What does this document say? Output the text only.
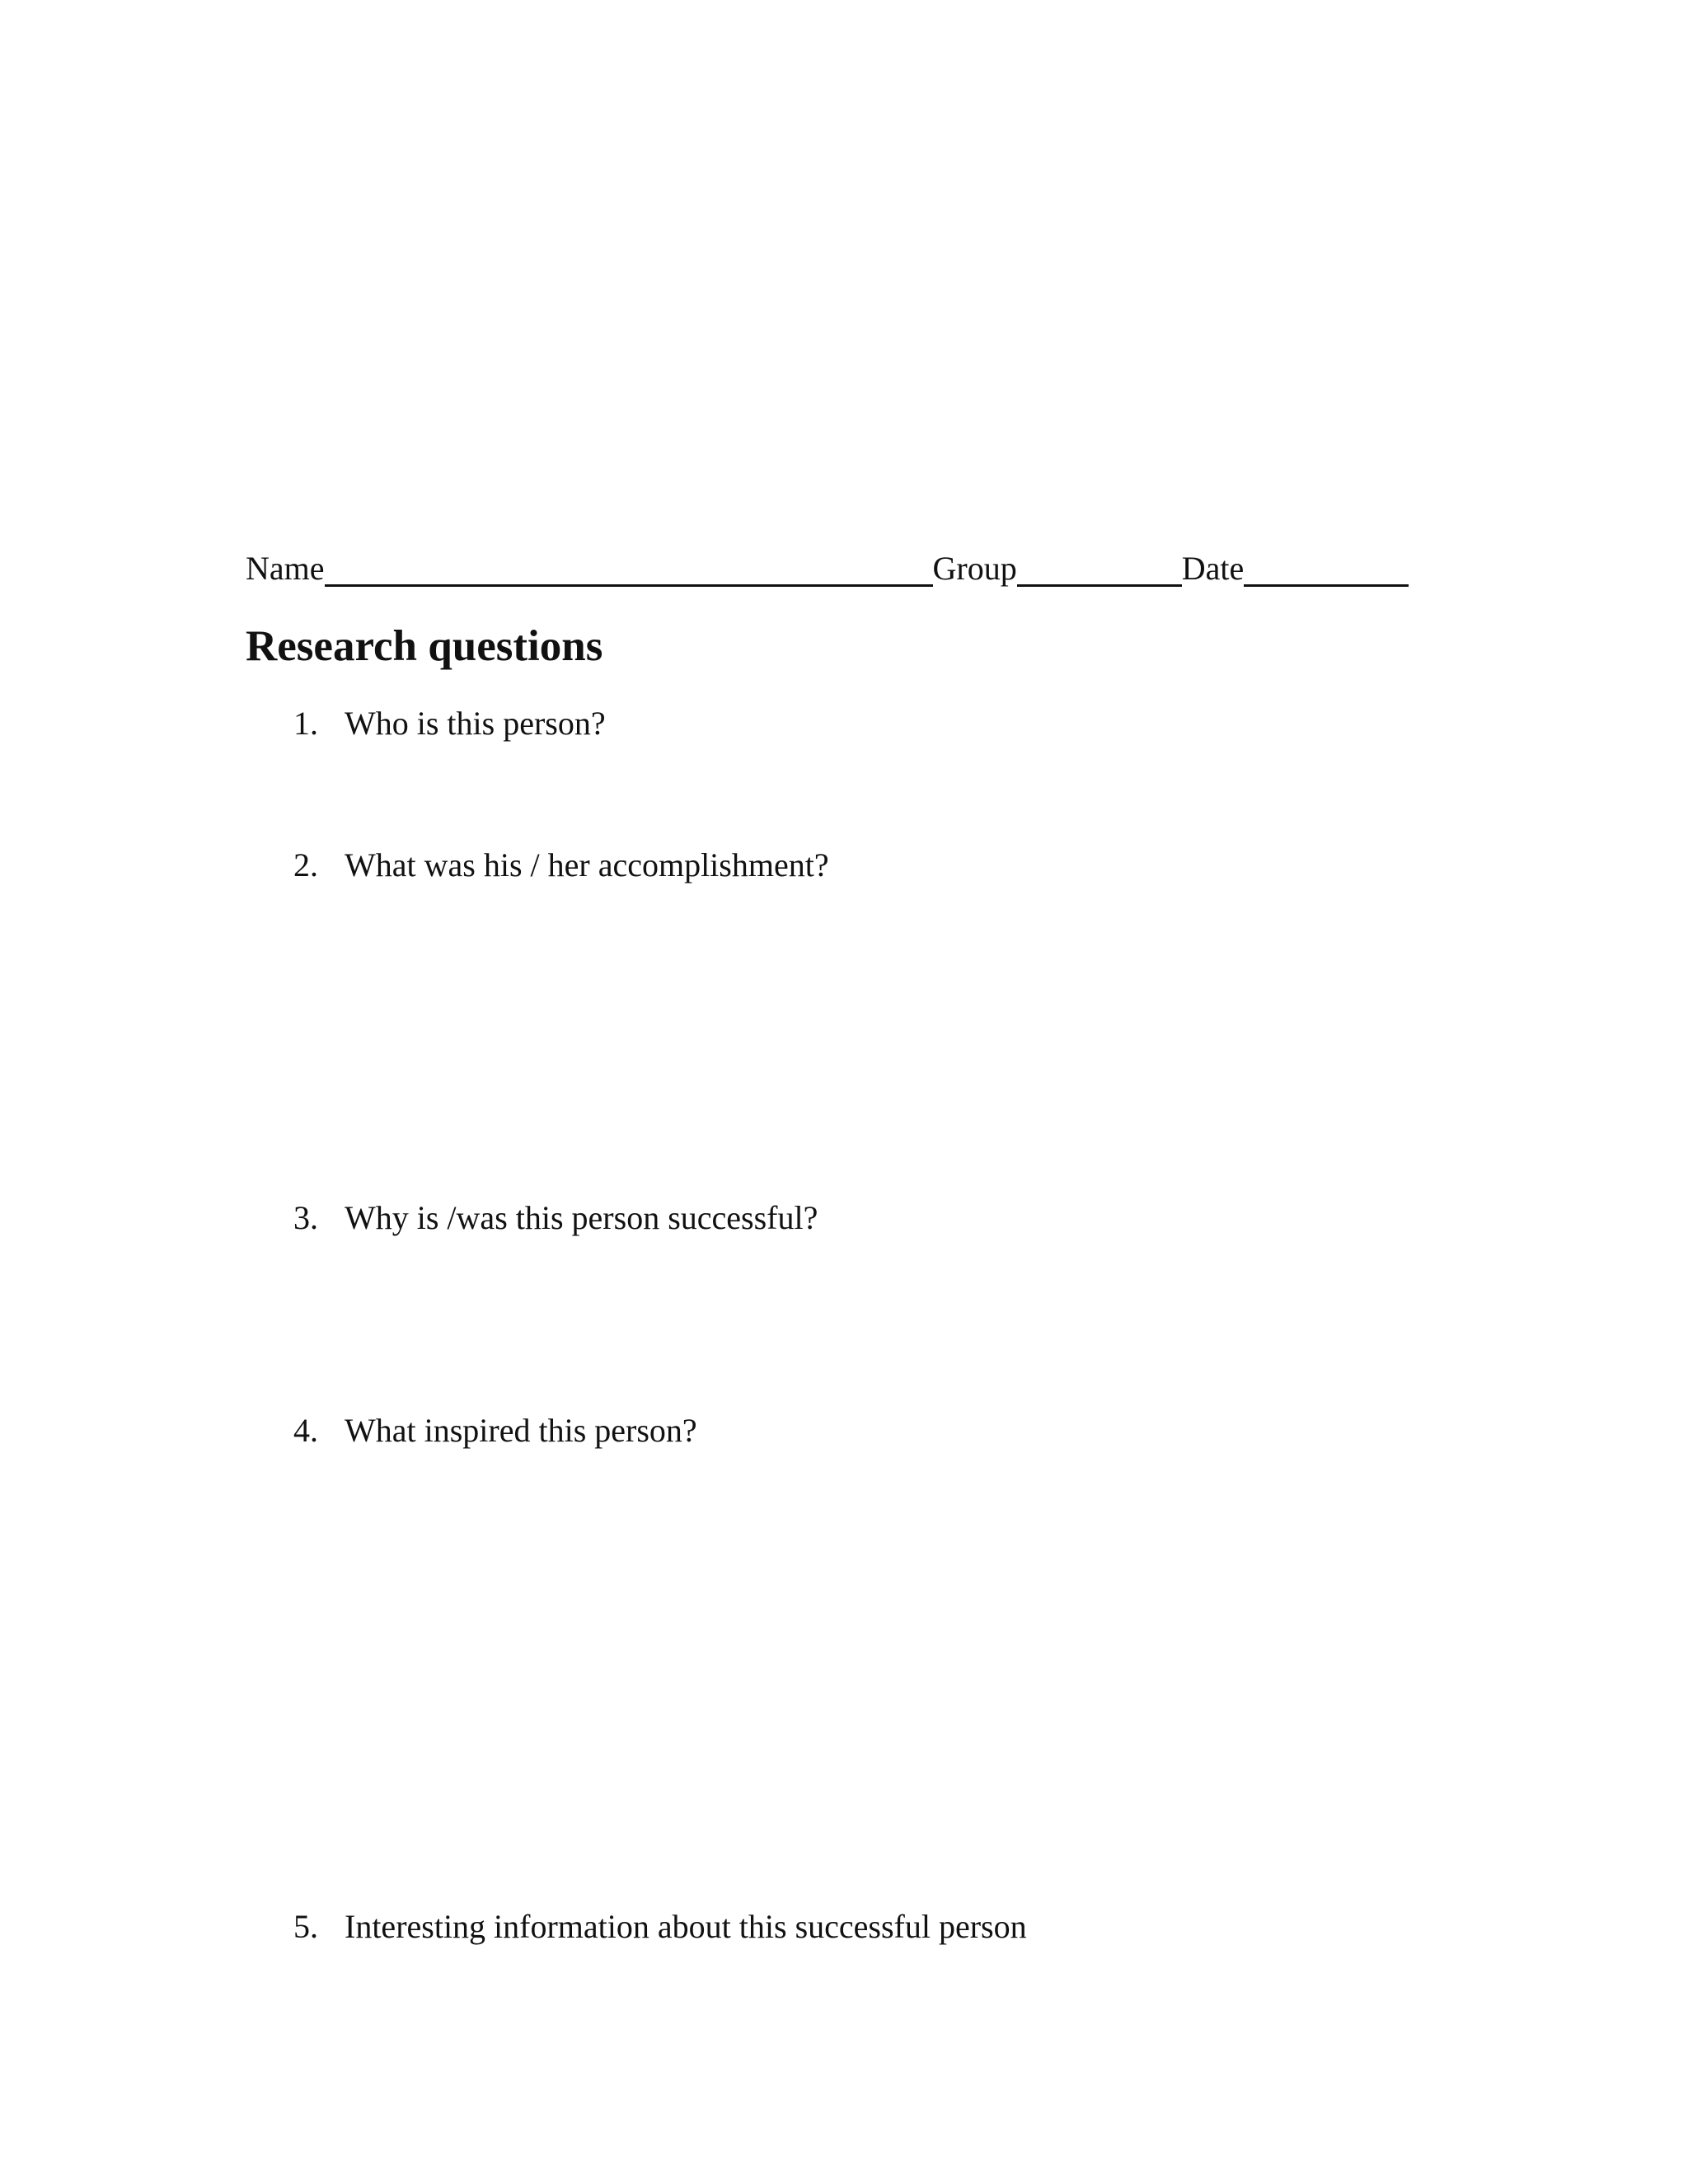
Name	Group	Date
Research questions
1. Who is this person?
2. What was his / her accomplishment?
3. Why is /was this person successful?
4. What inspired this person?
5. Interesting information about this successful person
